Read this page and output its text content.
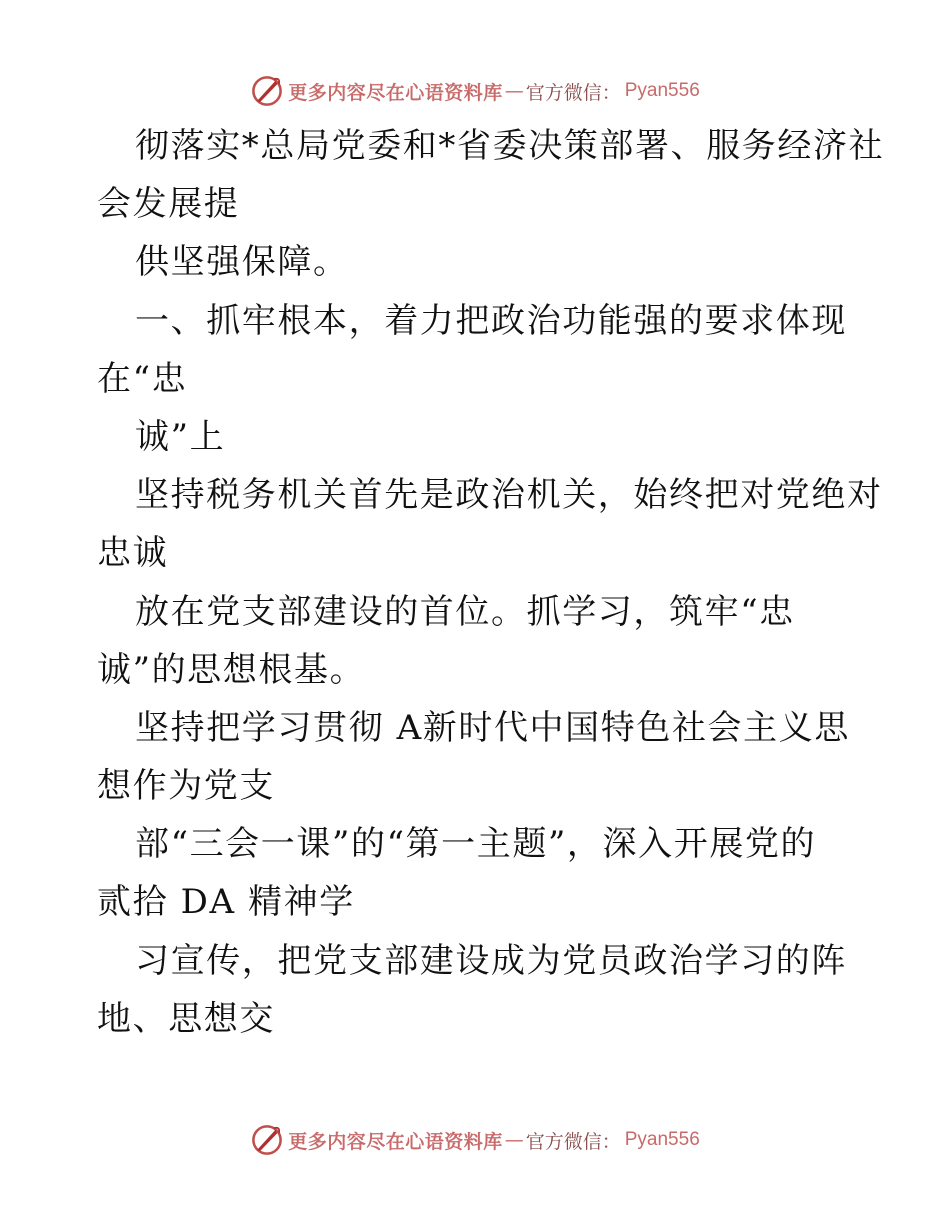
更多内容尽在心语资料库 — 官方微信： Pyan556
彻落实*总局党委和*省委决策部署、服务经济社
会发展提
供坚强保障。
一、抓牢根本，着力把政治功能强的要求体现
在“忠
诚”上
坚持税务机关首先是政治机关，始终把对党绝对
忠诚
放在党支部建设的首位。抓学习，筑牢“忠
诚”的思想根基。
坚持把学习贯彻 A新时代中国特色社会主义思
想作为党支
部“三会一课”的“第一主题”，深入开展党的
贰拾 DA 精神学
习宣传，把党支部建设成为党员政治学习的阵
地、思想交
更多内容尽在心语资料库 — 官方微信： Pyan556
